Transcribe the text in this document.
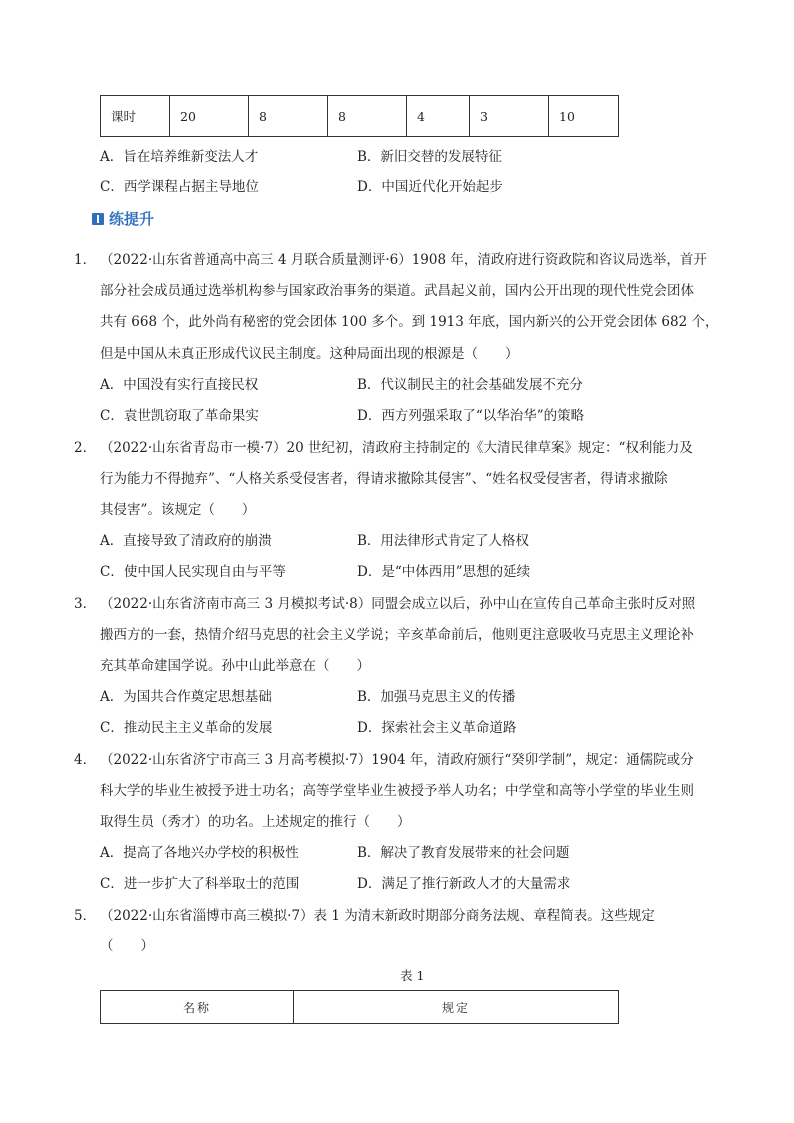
课时	20	8	8	4	3	10
A．旨在培养维新变法人才	B．新旧交替的发展特征
C．西学课程占据主导地位	D．中国近代化开始起步
练提升
1． （2022·山东省普通高中高三 4 月联合质量测评·6）1908 年，清政府进行资政院和咨议局选举，首开
部分社会成员通过选举机构参与国家政治事务的渠道。武昌起义前，国内公开出现的现代性党会团体
共有 668 个，此外尚有秘密的党会团体 100 多个。到 1913 年底，国内新兴的公开党会团体 682 个，
但是中国从未真正形成代议民主制度。这种局面出现的根源是（　　）
A．中国没有实行直接民权	B．代议制民主的社会基础发展不充分
C．袁世凯窃取了革命果实	D．西方列强采取了“以华治华”的策略
2． （2022·山东省青岛市一模·7）20 世纪初，清政府主持制定的《大清民律草案》规定：“权利能力及
行为能力不得抛弃”、“人格关系受侵害者，得请求撤除其侵害”、“姓名权受侵害者，得请求撤除
其侵害”。该规定（　　）
A．直接导致了清政府的崩溃	B．用法律形式肯定了人格权
C．使中国人民实现自由与平等	D．是“中体西用”思想的延续
3． （2022·山东省济南市高三 3 月模拟考试·8）同盟会成立以后，孙中山在宣传自己革命主张时反对照
搬西方的一套，热情介绍马克思的社会主义学说；辛亥革命前后，他则更注意吸收马克思主义理论补
充其革命建国学说。孙中山此举意在（　　）
A．为国共合作奠定思想基础	B．加强马克思主义的传播
C．推动民主主义革命的发展	D．探索社会主义革命道路
4． （2022·山东省济宁市高三 3 月高考模拟·7）1904 年，清政府颁行“癸卯学制”，规定：通儒院或分
科大学的毕业生被授予进士功名；高等学堂毕业生被授予举人功名；中学堂和高等小学堂的毕业生则
取得生员（秀才）的功名。上述规定的推行（　　）
A．提高了各地兴办学校的积极性	B．解决了教育发展带来的社会问题
C．进一步扩大了科举取士的范围	D．满足了推行新政人才的大量需求
5． （2022·山东省淄博市高三模拟·7）表 1 为清末新政时期部分商务法规、章程简表。这些规定
（　　）
表 1
名称	规定
